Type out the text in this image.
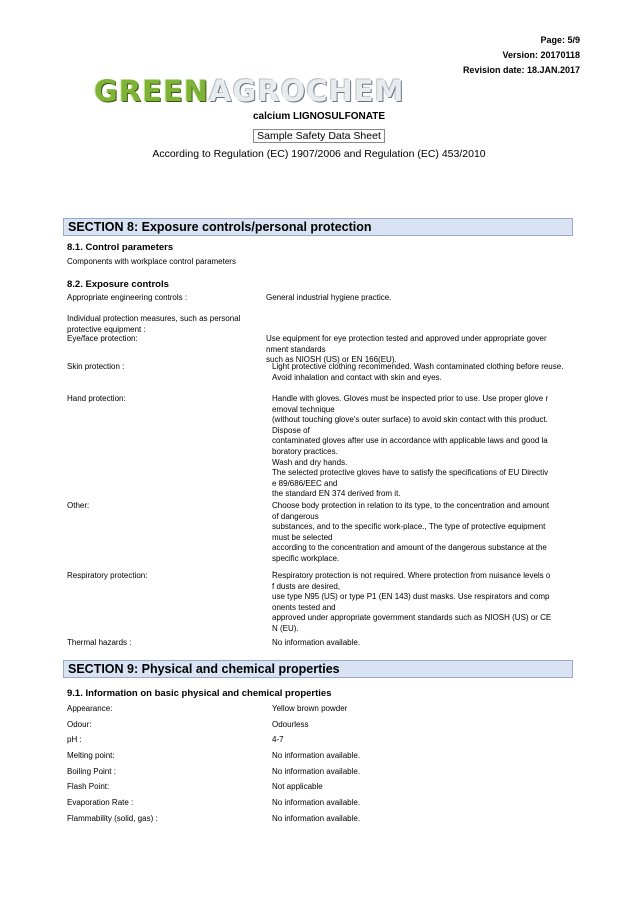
Page: 5/9
Version: 20170118
Revision date: 18.JAN.2017
GREENAGROCHEM
calcium LIGNOSULFONATE
Sample Safety Data Sheet
According to Regulation (EC) 1907/2006 and Regulation (EC) 453/2010
SECTION 8: Exposure controls/personal protection
8.1. Control parameters
Components with workplace control parameters
8.2. Exposure controls
Appropriate engineering controls :	General industrial hygiene practice.
Individual protection measures, such as personal protective equipment :
Eye/face protection:	Use equipment for eye protection tested and approved under appropriate gover
nment standards
such as NIOSH (US) or EN 166(EU).
Skin protection :	Light protective clothing recommended. Wash contaminated clothing before reuse.
Avoid inhalation and contact with skin and eyes.
Hand protection:	Handle with gloves. Gloves must be inspected prior to use. Use proper glove r
emoval technique
(without touching glove's outer surface) to avoid skin contact with this product.
Dispose of
contaminated gloves after use in accordance with applicable laws and good la
boratory practices.
Wash and dry hands.
The selected protective gloves have to satisfy the specifications of EU Directiv
e 89/686/EEC and
the standard EN 374 derived from it.
Other:	Choose body protection in relation to its type, to the concentration and amount
of dangerous
substances, and to the specific work-place., The type of protective equipment
must be selected
according to the concentration and amount of the dangerous substance at the
specific workplace.
.
Respiratory protection:	Respiratory protection is not required. Where protection from nuisance levels o
f dusts are desired,
use type N95 (US) or type P1 (EN 143) dust masks. Use respirators and comp
onents tested and
approved under appropriate government standards such as NIOSH (US) or CE
N (EU).
Thermal hazards :	No information available.
SECTION 9: Physical and chemical properties
9.1. Information on basic physical and chemical properties
Appearance:	Yellow brown powder
Odour:	Odourless
pH :	4-7
Melting point:	No information available.
Boiling Point :	No information available.
Flash Point:	Not applicable
Evaporation Rate :	No information available.
Flammability (solid, gas) :	No information available.
